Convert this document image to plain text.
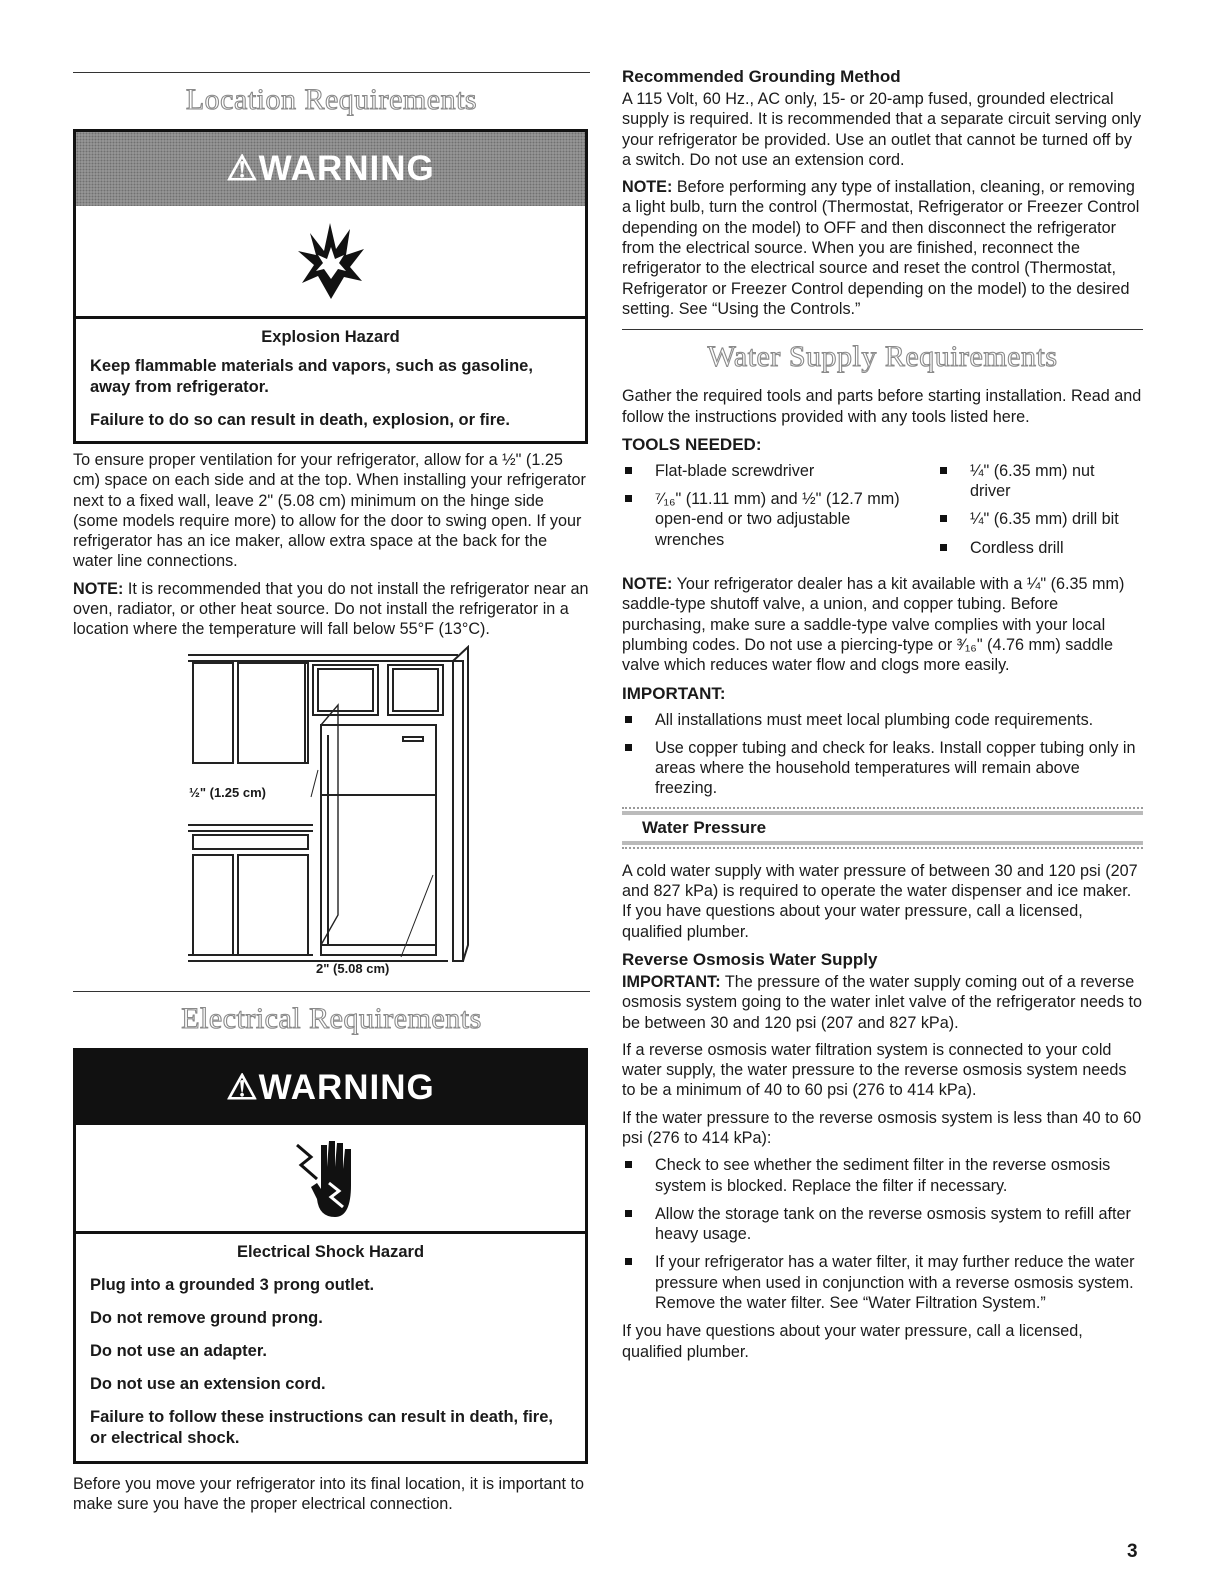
Location Requirements
⚠WARNING

Explosion Hazard

Keep flammable materials and vapors, such as gasoline, away from refrigerator.

Failure to do so can result in death, explosion, or fire.

To ensure proper ventilation for your refrigerator, allow for a ½" (1.25 cm) space on each side and at the top. When installing your refrigerator next to a fixed wall, leave 2" (5.08 cm) minimum on the hinge side (some models require more) to allow for the door to swing open. If your refrigerator has an ice maker, allow extra space at the back for the water line connections.

NOTE: It is recommended that you do not install the refrigerator near an oven, radiator, or other heat source. Do not install the refrigerator in a location where the temperature will fall below 55°F (13°C).

½" (1.25 cm)
2" (5.08 cm)
Electrical Requirements
⚠WARNING

Electrical Shock Hazard

Plug into a grounded 3 prong outlet.

Do not remove ground prong.

Do not use an adapter.

Do not use an extension cord.

Failure to follow these instructions can result in death, fire, or electrical shock.

Before you move your refrigerator into its final location, it is important to make sure you have the proper electrical connection.

Recommended Grounding Method

A 115 Volt, 60 Hz., AC only, 15- or 20-amp fused, grounded electrical supply is required. It is recommended that a separate circuit serving only your refrigerator be provided. Use an outlet that cannot be turned off by a switch. Do not use an extension cord.

NOTE: Before performing any type of installation, cleaning, or removing a light bulb, turn the control (Thermostat, Refrigerator or Freezer Control depending on the model) to OFF and then disconnect the refrigerator from the electrical source. When you are finished, reconnect the refrigerator to the electrical source and reset the control (Thermostat, Refrigerator or Freezer Control depending on the model) to the desired setting. See “Using the Controls.”

Water Supply Requirements

Gather the required tools and parts before starting installation. Read and follow the instructions provided with any tools listed here.

TOOLS NEEDED:
Flat-blade screwdriver
⁷⁄₁₆" (11.11 mm) and ½" (12.7 mm) open-end or two adjustable wrenches
¼" (6.35 mm) nut driver
¼" (6.35 mm) drill bit
Cordless drill

NOTE: Your refrigerator dealer has a kit available with a ¼" (6.35 mm) saddle-type shutoff valve, a union, and copper tubing. Before purchasing, make sure a saddle-type valve complies with your local plumbing codes. Do not use a piercing-type or ³⁄₁₆" (4.76 mm) saddle valve which reduces water flow and clogs more easily.

IMPORTANT:
All installations must meet local plumbing code requirements.
Use copper tubing and check for leaks. Install copper tubing only in areas where the household temperatures will remain above freezing.
Water Pressure

A cold water supply with water pressure of between 30 and 120 psi (207 and 827 kPa) is required to operate the water dispenser and ice maker. If you have questions about your water pressure, call a licensed, qualified plumber.

Reverse Osmosis Water Supply

IMPORTANT: The pressure of the water supply coming out of a reverse osmosis system going to the water inlet valve of the refrigerator needs to be between 30 and 120 psi (207 and 827 kPa).

If a reverse osmosis water filtration system is connected to your cold water supply, the water pressure to the reverse osmosis system needs to be a minimum of 40 to 60 psi (276 to 414 kPa).

If the water pressure to the reverse osmosis system is less than 40 to 60 psi (276 to 414 kPa):

Check to see whether the sediment filter in the reverse osmosis system is blocked. Replace the filter if necessary.
Allow the storage tank on the reverse osmosis system to refill after heavy usage.
If your refrigerator has a water filter, it may further reduce the water pressure when used in conjunction with a reverse osmosis system. Remove the water filter. See “Water Filtration System.”

If you have questions about your water pressure, call a licensed, qualified plumber.

3
